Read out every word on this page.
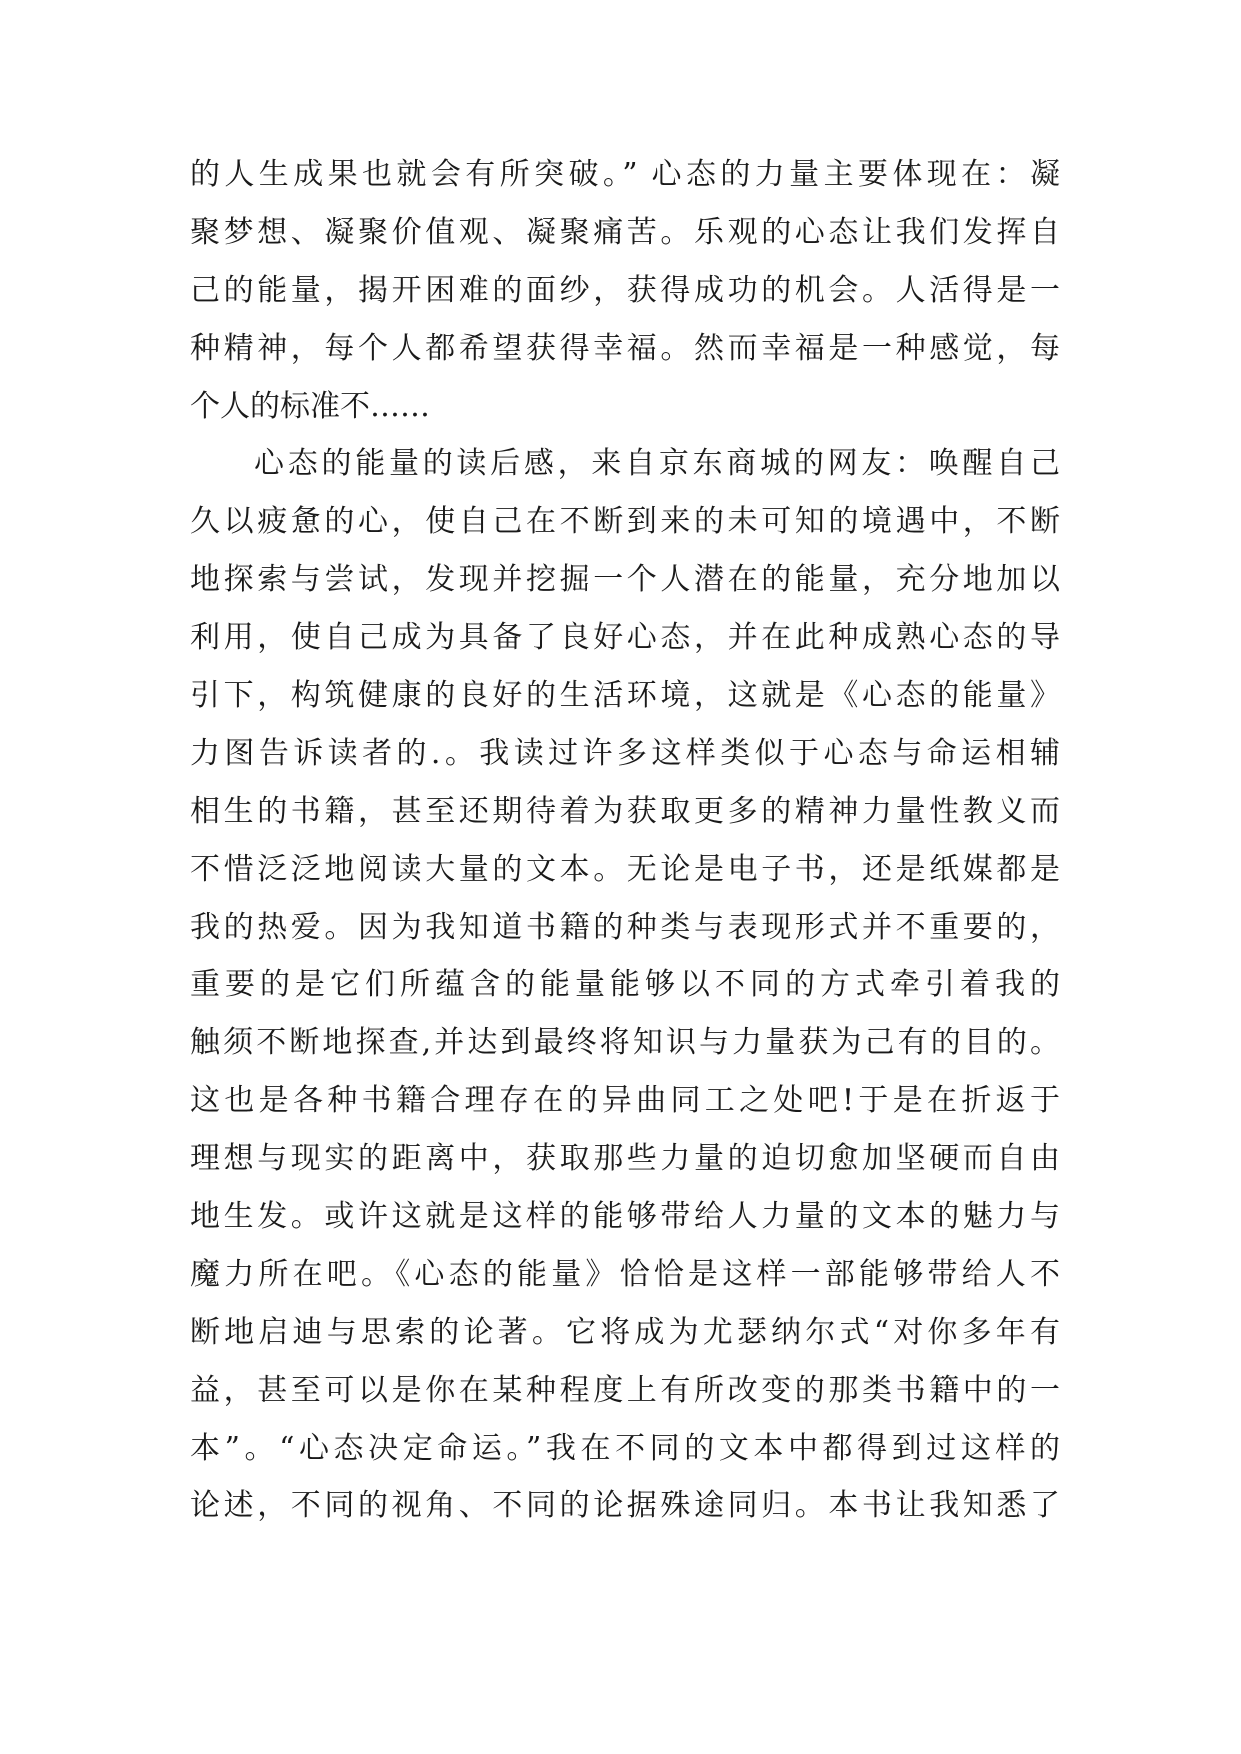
的人生成果也就会有所突破。” 心态的力量主要体现在：凝
聚梦想、凝聚价值观、凝聚痛苦。乐观的心态让我们发挥自
己的能量，揭开困难的面纱，获得成功的机会。人活得是一
种精神，每个人都希望获得幸福。然而幸福是一种感觉，每
个人的标准不……
心态的能量的读后感，来自京东商城的网友：唤醒自己
久以疲惫的心，使自己在不断到来的未可知的境遇中，不断
地探索与尝试，发现并挖掘一个人潜在的能量，充分地加以
利用，使自己成为具备了良好心态，并在此种成熟心态的导
引下，构筑健康的良好的生活环境，这就是《心态的能量》
力图告诉读者的.。我读过许多这样类似于心态与命运相辅
相生的书籍，甚至还期待着为获取更多的精神力量性教义而
不惜泛泛地阅读大量的文本。无论是电子书，还是纸媒都是
我的热爱。因为我知道书籍的种类与表现形式并不重要的，
重要的是它们所蕴含的能量能够以不同的方式牵引着我的
触须不断地探查,并达到最终将知识与力量获为己有的目的。
这也是各种书籍合理存在的异曲同工之处吧!于是在折返于
理想与现实的距离中，获取那些力量的迫切愈加坚硬而自由
地生发。或许这就是这样的能够带给人力量的文本的魅力与
魔力所在吧。《心态的能量》恰恰是这样一部能够带给人不
断地启迪与思索的论著。它将成为尤瑟纳尔式“对你多年有
益，甚至可以是你在某种程度上有所改变的那类书籍中的一
本”。“心态决定命运。”我在不同的文本中都得到过这样的
论述，不同的视角、不同的论据殊途同归。本书让我知悉了
